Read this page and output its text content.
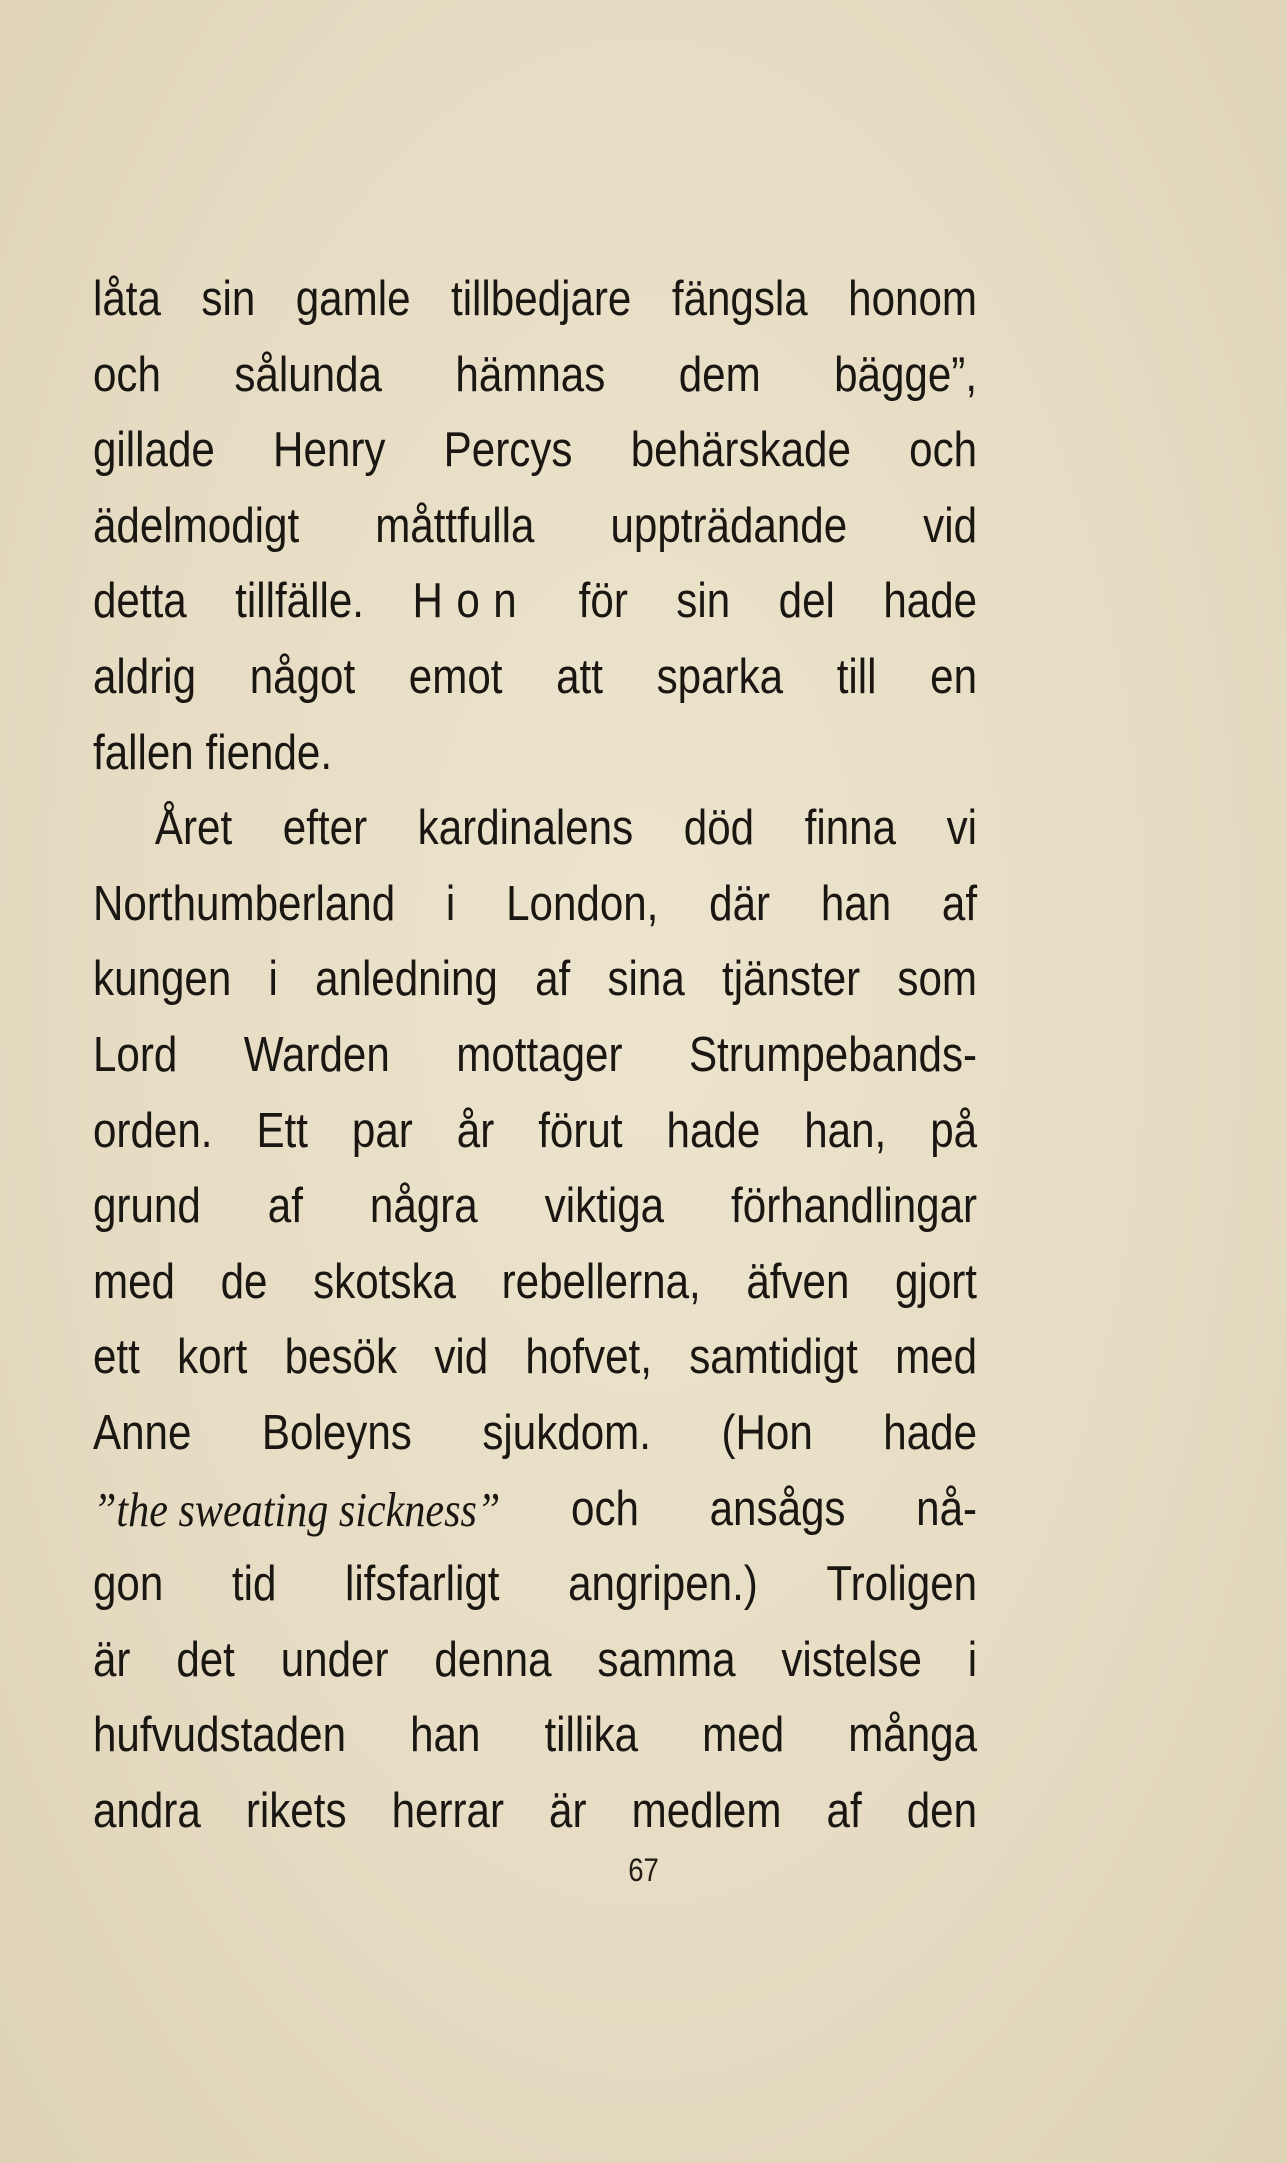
låta sin gamle tillbedjare fängsla honom
och sålunda hämnas dem bägge”,
gillade Henry Percys behärskade och
ädelmodigt måttfulla uppträdande vid
detta tillfälle. Hon för sin del hade
aldrig något emot att sparka till en
fallen fiende.
Året efter kardinalens död finna vi
Northumberland i London, där han af
kungen i anledning af sina tjänster som
Lord Warden mottager Strumpebands-
orden. Ett par år förut hade han, på
grund af några viktiga förhandlingar
med de skotska rebellerna, äfven gjort
ett kort besök vid hofvet, samtidigt med
Anne Boleyns sjukdom. (Hon hade
”the sweating sickness” och ansågs nå-
gon tid lifsfarligt angripen.) Troligen
är det under denna samma vistelse i
hufvudstaden han tillika med många
andra rikets herrar är medlem af den
67
